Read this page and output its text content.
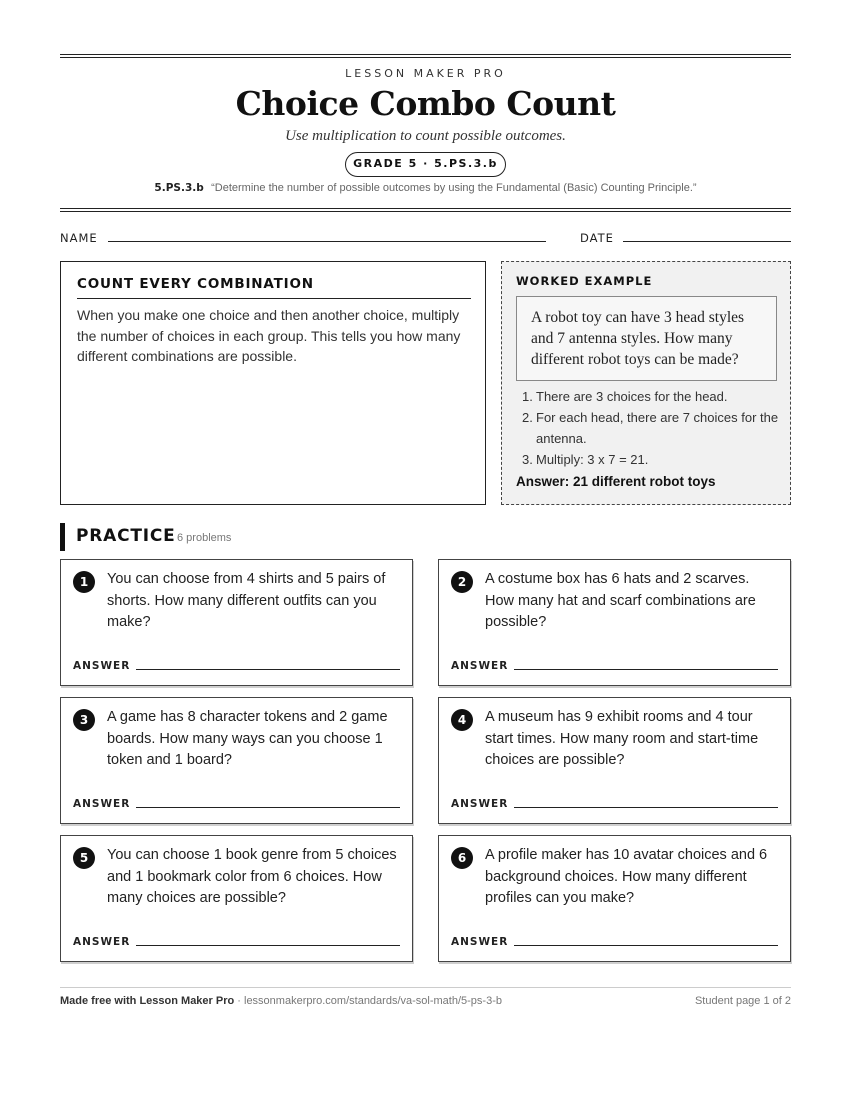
LESSON MAKER PRO
Choice Combo Count
Use multiplication to count possible outcomes.
GRADE 5 · 5.PS.3.b
5.PS.3.b “Determine the number of possible outcomes by using the Fundamental (Basic) Counting Principle.”
NAME	DATE
COUNT EVERY COMBINATION
When you make one choice and then another choice, multiply the number of choices in each group. This tells you how many different combinations are possible.
WORKED EXAMPLE
A robot toy can have 3 head styles and 7 antenna styles. How many different robot toys can be made?
1. There are 3 choices for the head.
2. For each head, there are 7 choices for the antenna.
3. Multiply: 3 x 7 = 21.
Answer: 21 different robot toys
PRACTICE 6 problems
1	You can choose from 4 shirts and 5 pairs of shorts. How many different outfits can you make?
ANSWER
2	A costume box has 6 hats and 2 scarves. How many hat and scarf combinations are possible?
ANSWER
3	A game has 8 character tokens and 2 game boards. How many ways can you choose 1 token and 1 board?
ANSWER
4	A museum has 9 exhibit rooms and 4 tour start times. How many room and start-time choices are possible?
ANSWER
5	You can choose 1 book genre from 5 choices and 1 bookmark color from 6 choices. How many choices are possible?
ANSWER
6	A profile maker has 10 avatar choices and 6 background choices. How many different profiles can you make?
ANSWER
Made free with Lesson Maker Pro · lessonmakerpro.com/standards/va-sol-math/5-ps-3-b	Student page 1 of 2
